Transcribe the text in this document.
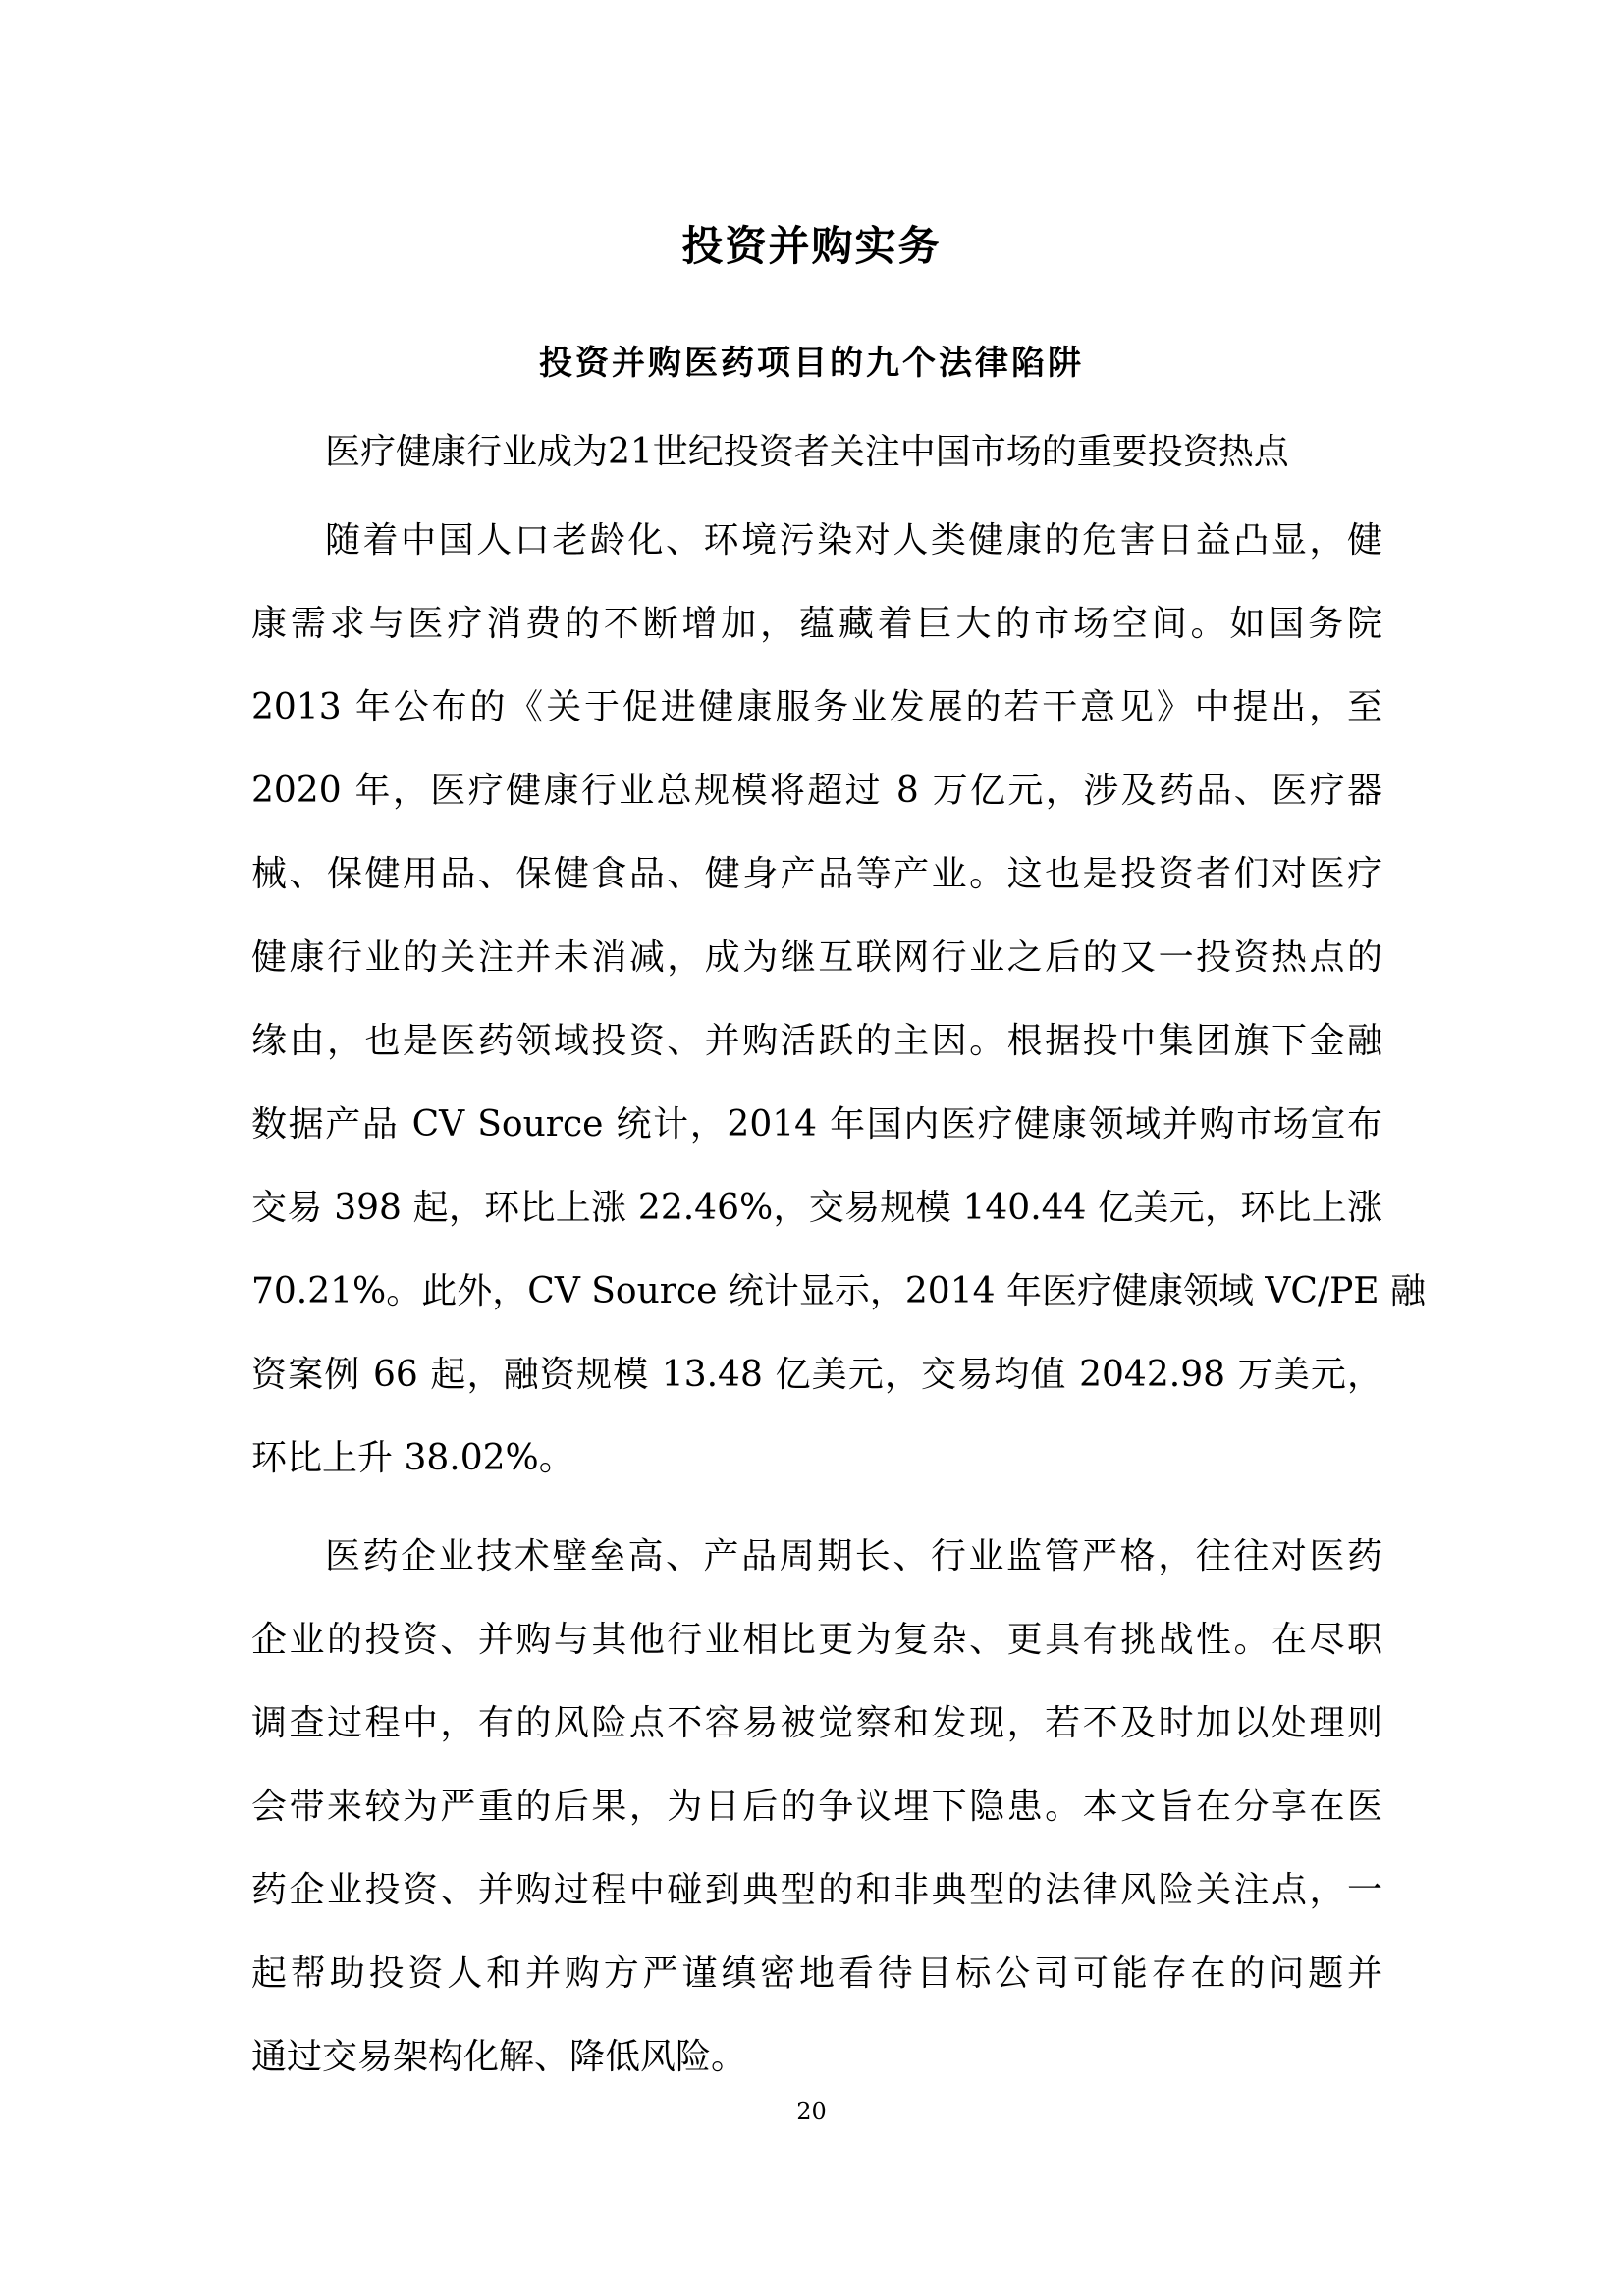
投资并购实务
投资并购医药项目的九个法律陷阱

医疗健康行业成为21世纪投资者关注中国市场的重要投资热点

随着中国人口老龄化、环境污染对人类健康的危害日益凸显，健

康需求与医疗消费的不断增加，蕴藏着巨大的市场空间。如国务院

2013 年公布的《关于促进健康服务业发展的若干意见》中提出，至

2020 年，医疗健康行业总规模将超过 8 万亿元，涉及药品、医疗器

械、保健用品、保健食品、健身产品等产业。这也是投资者们对医疗

健康行业的关注并未消减，成为继互联网行业之后的又一投资热点的

缘由，也是医药领域投资、并购活跃的主因。根据投中集团旗下金融

数据产品 CV Source 统计，2014 年国内医疗健康领域并购市场宣布

交易 398 起，环比上涨 22.46%，交易规模 140.44 亿美元，环比上涨

70.21%。此外，CV Source 统计显示，2014 年医疗健康领域 VC/PE 融

资案例 66 起，融资规模 13.48 亿美元，交易均值 2042.98 万美元，

环比上升 38.02%。

医药企业技术壁垒高、产品周期长、行业监管严格，往往对医药

企业的投资、并购与其他行业相比更为复杂、更具有挑战性。在尽职

调查过程中，有的风险点不容易被觉察和发现，若不及时加以处理则

会带来较为严重的后果，为日后的争议埋下隐患。本文旨在分享在医

药企业投资、并购过程中碰到典型的和非典型的法律风险关注点，一

起帮助投资人和并购方严谨缜密地看待目标公司可能存在的问题并

通过交易架构化解、降低风险。

20
